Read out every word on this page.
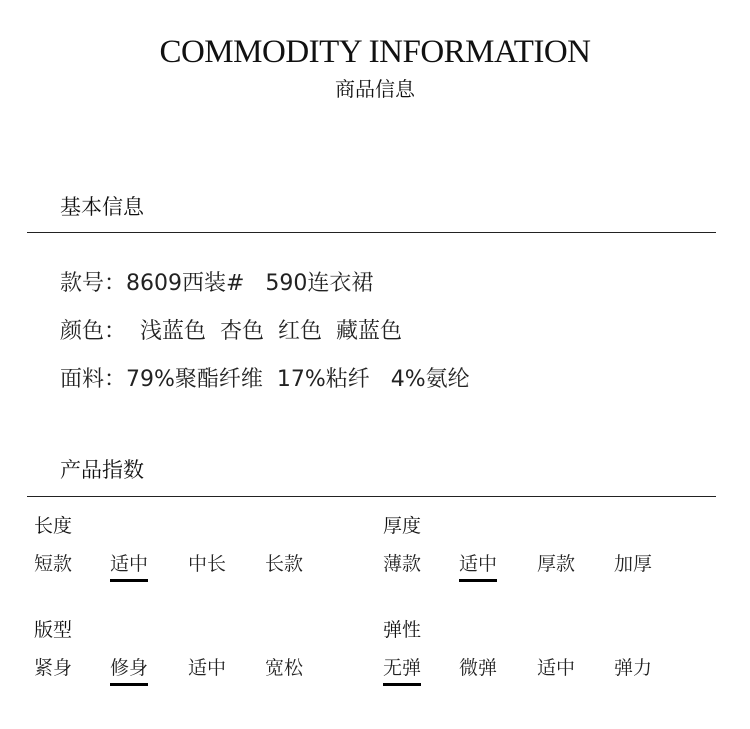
COMMODITY INFORMATION
商品信息
基本信息
款号：8609西装#   590连衣裙
颜色：  浅蓝色  杏色  红色  藏蓝色
面料：79%聚酯纤维  17%粘纤   4%氨纶
产品指数
长度
短款 适中 中长 长款
厚度
薄款 适中 厚款 加厚
版型
紧身 修身 适中 宽松
弹性
无弹 微弹 适中 弹力
